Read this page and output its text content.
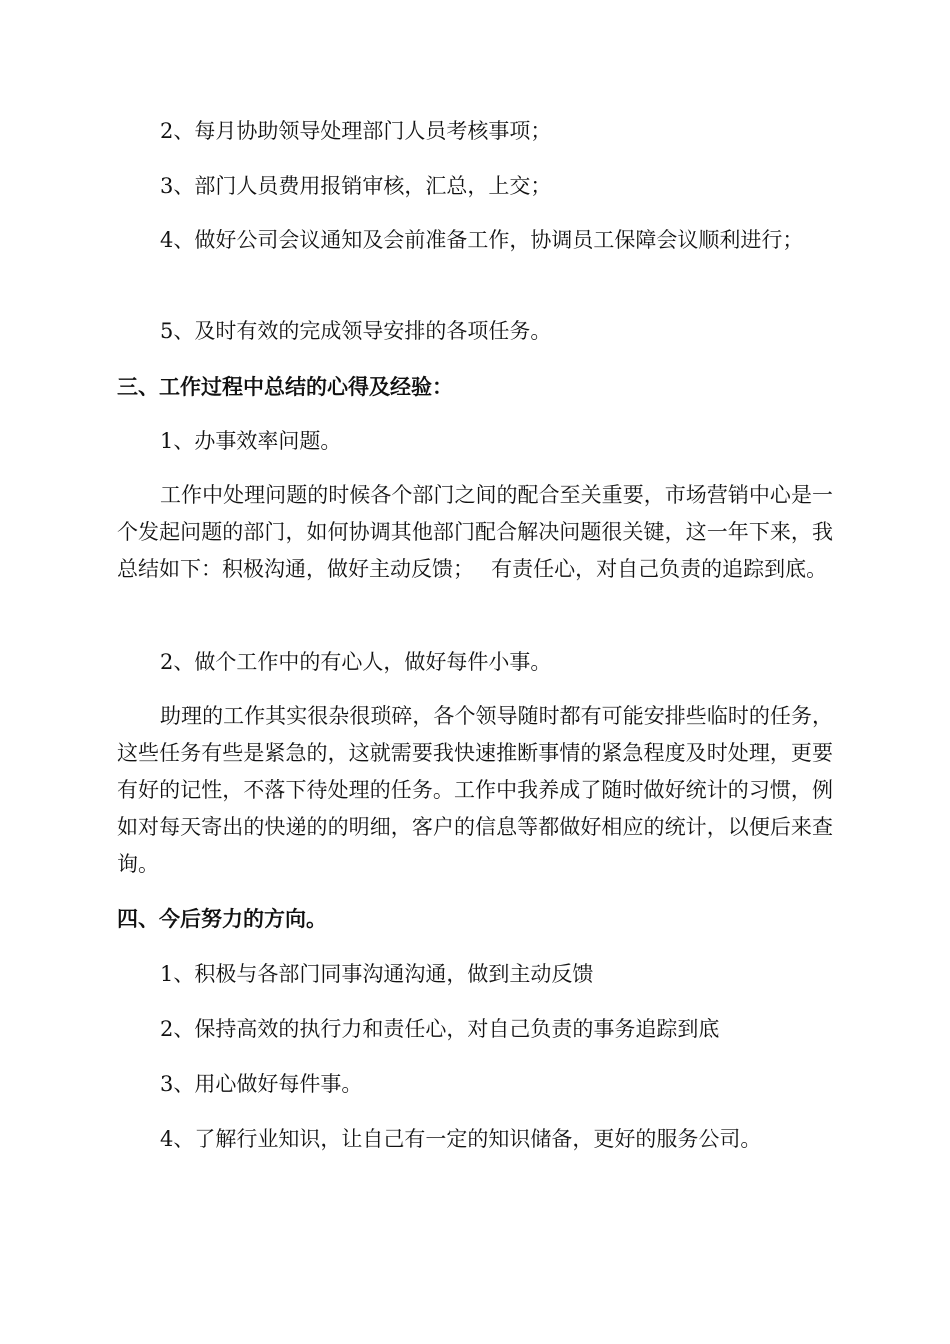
2、每月协助领导处理部门人员考核事项；

3、部门人员费用报销审核，汇总，上交；

4、做好公司会议通知及会前准备工作，协调员工保障会议顺利进行；

5、及时有效的完成领导安排的各项任务。

三、工作过程中总结的心得及经验：

1、办事效率问题。

工作中处理问题的时候各个部门之间的配合至关重要，市场营销中心是一个发起问题的部门，如何协调其他部门配合解决问题很关键，这一年下来，我总结如下：积极沟通，做好主动反馈；　 有责任心，对自己负责的追踪到底。

2、做个工作中的有心人，做好每件小事。

助理的工作其实很杂很琐碎，各个领导随时都有可能安排些临时的任务，这些任务有些是紧急的，这就需要我快速推断事情的紧急程度及时处理，更要有好的记性，不落下待处理的任务。工作中我养成了随时做好统计的习惯，例如对每天寄出的快递的的明细，客户的信息等都做好相应的统计，以便后来查询。

四、今后努力的方向。

1、积极与各部门同事沟通沟通，做到主动反馈

2、保持高效的执行力和责任心，对自己负责的事务追踪到底

3、用心做好每件事。

4、了解行业知识，让自己有一定的知识储备，更好的服务公司。
